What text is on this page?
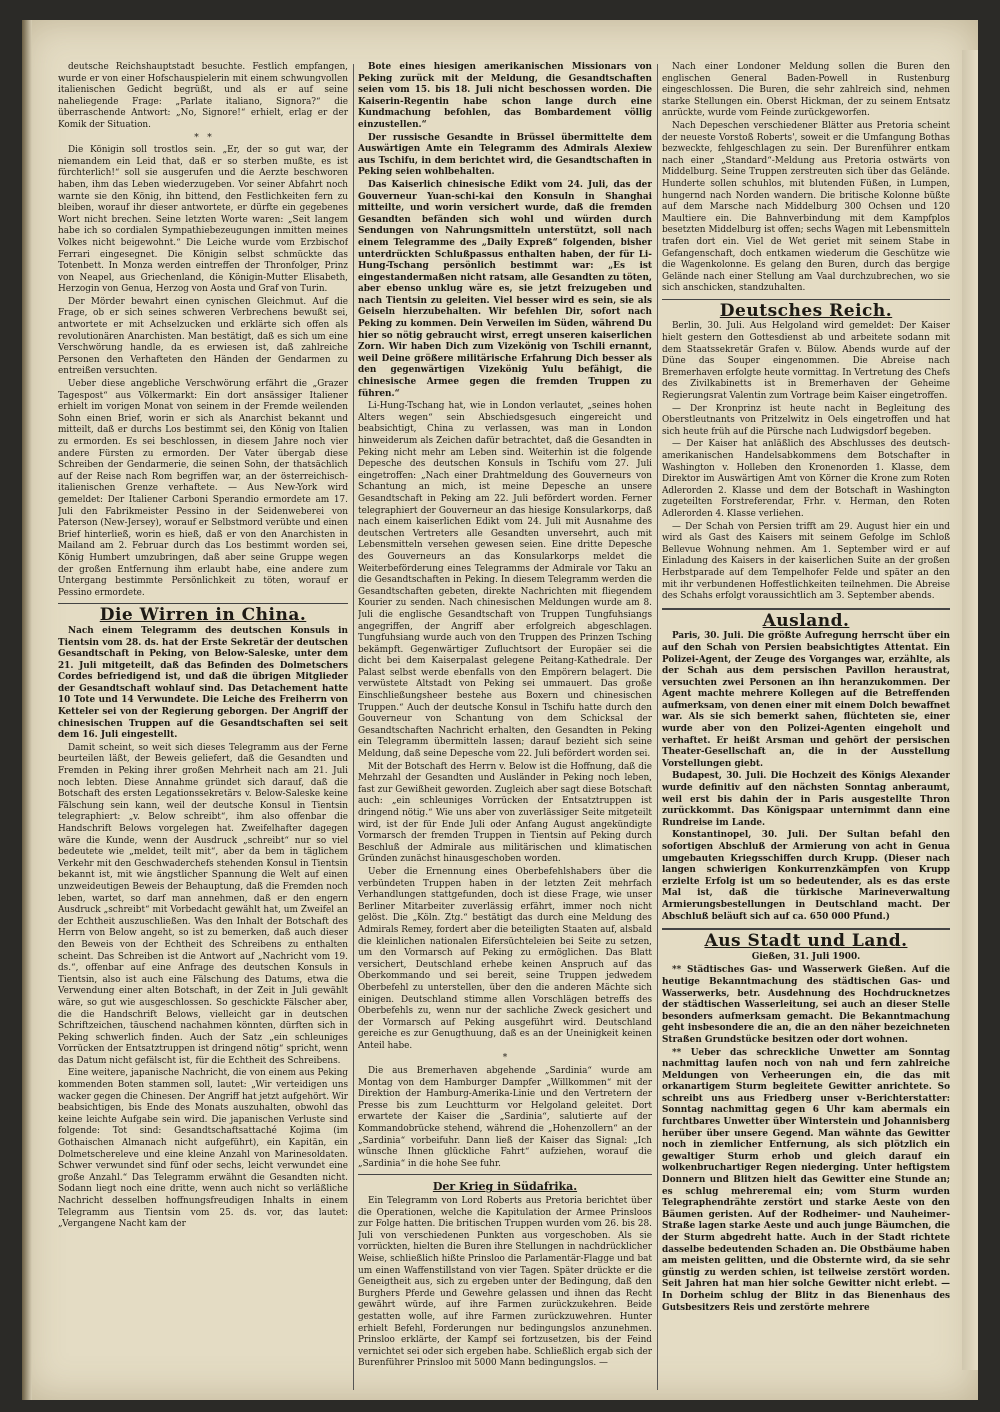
deutsche Reichshauptstadt besuchte. Festlich empfangen, wurde er von einer Hofschauspielerin mit einem schwungvollen italienischen Gedicht begrüßt, und als er auf seine naheliegende Frage: „Parlate italiano, Signora?“ die überraschende Antwort: „No, Signore!“ erhielt, erlag er der Komik der Situation.

*   *

Die Königin soll trostlos sein. „Er, der so gut war, der niemandem ein Leid that, daß er so sterben mußte, es ist fürchterlich!“ soll sie ausgerufen und die Aerzte beschworen haben, ihm das Leben wiederzugeben. Vor seiner Abfahrt noch warnte sie den König, ihn bittend, den Festlichkeiten fern zu bleiben, worauf ihr dieser antwortete, er dürfte ein gegebenes Wort nicht brechen. Seine letzten Worte waren: „Seit langem habe ich so cordialen Sympathiebezeugungen inmitten meines Volkes nicht beigewohnt.“ Die Leiche wurde vom Erzbischof Ferrari eingesegnet. Die Königin selbst schmückte das Totenbett. In Monza werden eintreffen der Thronfolger, Prinz von Neapel, aus Griechenland, die Königin-Mutter Elisabeth, Herzogin von Genua, Herzog von Aosta und Graf von Turin.

Der Mörder bewahrt einen cynischen Gleichmut. Auf die Frage, ob er sich seines schweren Verbrechens bewußt sei, antwortete er mit Achselzucken und erklärte sich offen als revolutionären Anarchisten. Man bestätigt, daß es sich um eine Verschwörung handle, da es erwiesen ist, daß zahlreiche Personen den Verhafteten den Händen der Gendarmen zu entreißen versuchten.

Ueber diese angebliche Verschwörung erfährt die „Grazer Tagespost“ aus Völkermarkt: Ein dort ansässiger Italiener erhielt im vorigen Monat von seinem in der Fremde weilenden Sohn einen Brief, worin er sich als Anarchist bekannt und mitteilt, daß er durchs Los bestimmt sei, den König von Italien zu ermorden. Es sei beschlossen, in diesem Jahre noch vier andere Fürsten zu ermorden. Der Vater übergab diese Schreiben der Gendarmerie, die seinen Sohn, der thatsächlich auf der Reise nach Rom begriffen war, an der österreichisch-italienischen Grenze verhaftete. — Aus New-York wird gemeldet: Der Italiener Carboni Sperandio ermordete am 17. Juli den Fabrikmeister Pessino in der Seidenweberei von Paterson (New-Jersey), worauf er Selbstmord verübte und einen Brief hinterließ, worin es hieß, daß er von den Anarchisten in Mailand am 2. Februar durch das Los bestimmt worden sei, König Humbert umzubringen, daß aber seine Gruppe wegen der großen Entfernung ihm erlaubt habe, eine andere zum Untergang bestimmte Persönlichkeit zu töten, worauf er Pessino ermordete.

Die Wirren in China.

Nach einem Telegramm des deutschen Konsuls in Tientsin vom 28. ds. hat der Erste Sekretär der deutschen Gesandtschaft in Peking, von Below-Saleske, unter dem 21. Juli mitgeteilt, daß das Befinden des Dolmetschers Cordes befriedigend ist, und daß die übrigen Mitglieder der Gesandtschaft wohlauf sind. Das Detachement hatte 10 Tote und 14 Verwundete. Die Leiche des Freiherrn von Ketteler sei von der Regierung geborgen. Der Angriff der chinesischen Truppen auf die Gesandtschaften sei seit dem 16. Juli eingestellt.

Damit scheint, so weit sich dieses Telegramm aus der Ferne beurteilen läßt, der Beweis geliefert, daß die Gesandten und Fremden in Peking ihrer großen Mehrheit nach am 21. Juli noch lebten. Diese Annahme gründet sich darauf, daß die Botschaft des ersten Legationssekretärs v. Below-Saleske keine Fälschung sein kann, weil der deutsche Konsul in Tientsin telegraphiert: „v. Below schreibt“, ihm also offenbar die Handschrift Belows vorgelegen hat. Zweifelhafter dagegen wäre die Kunde, wenn der Ausdruck „schreibt“ nur so viel bedeutete wie „meldet, teilt mit“, aber da bem in täglichem Verkehr mit den Geschwaderchefs stehenden Konsul in Tientsin bekannt ist, mit wie ängstlicher Spannung die Welt auf einen unzweideutigen Beweis der Behauptung, daß die Fremden noch leben, wartet, so darf man annehmen, daß er den engern Ausdruck „schreibt“ mit Vorbedacht gewählt hat, um Zweifel an der Echtheit auszuschließen. Was den Inhalt der Botschaft des Herrn von Below angeht, so ist zu bemerken, daß auch dieser den Beweis von der Echtheit des Schreibens zu enthalten scheint. Das Schreiben ist die Antwort auf „Nachricht vom 19. ds.“, offenbar auf eine Anfrage des deutschen Konsuls in Tientsin, also ist auch eine Fälschung des Datums, etwa die Verwendung einer alten Botschaft, in der Zeit in Juli gewählt wäre, so gut wie ausgeschlossen. So geschickte Fälscher aber, die die Handschrift Belows, vielleicht gar in deutschen Schriftzeichen, täuschend nachahmen könnten, dürften sich in Peking schwerlich finden. Auch der Satz „ein schleuniges Vorrücken der Entsatztruppen ist dringend nötig“ spricht, wenn das Datum nicht gefälscht ist, für die Echtheit des Schreibens.

Eine weitere, japanische Nachricht, die von einem aus Peking kommenden Boten stammen soll, lautet: „Wir verteidigen uns wacker gegen die Chinesen. Der Angriff hat jetzt aufgehört. Wir beabsichtigen, bis Ende des Monats auszuhalten, obwohl das keine leichte Aufgabe sein wird. Die japanischen Verluste sind folgende: Tot sind: Gesandtschaftsattaché Kojima (im Gothaischen Almanach nicht aufgeführt), ein Kapitän, ein Dolmetschereleve und eine kleine Anzahl von Marinesoldaten. Schwer verwundet sind fünf oder sechs, leicht verwundet eine große Anzahl.“ Das Telegramm erwähnt die Gesandten nicht. Sodann liegt noch eine dritte, wenn auch nicht so verläßliche Nachricht desselben hoffnungsfreudigen Inhalts in einem Telegramm aus Tientsin vom 25. ds. vor, das lautet: „Vergangene Nacht kam der

Bote eines hiesigen amerikanischen Missionars von Peking zurück mit der Meldung, die Gesandtschaften seien vom 15. bis 18. Juli nicht beschossen worden. Die Kaiserin-Regentin habe schon lange durch eine Kundmachung befohlen, das Bombardement völlig einzustellen.“

Der russische Gesandte in Brüssel übermittelte dem Auswärtigen Amte ein Telegramm des Admirals Alexiew aus Tschifu, in dem berichtet wird, die Gesandtschaften in Peking seien wohlbehalten.

Das Kaiserlich chinesische Edikt vom 24. Juli, das der Gouverneur Yuan-schi-kai den Konsuln in Shanghai mitteilte, und worin versichert wurde, daß die fremden Gesandten befänden sich wohl und würden durch Sendungen von Nahrungsmitteln unterstützt, soll nach einem Telegramme des „Daily Expreß“ folgenden, bisher unterdrückten Schlußpassus enthalten haben, der für Li-Hung-Tschang persönlich bestimmt war: „Es ist eingestandermaßen nicht ratsam, alle Gesandten zu töten, aber ebenso unklug wäre es, sie jetzt freizugeben und nach Tientsin zu geleiten. Viel besser wird es sein, sie als Geiseln hierzubehalten. Wir befehlen Dir, sofort nach Peking zu kommen. Dein Verweilen im Süden, während Du hier so nötig gebraucht wirst, erregt unseren kaiserlichen Zorn. Wir haben Dich zum Vizekönig von Tschili ernannt, weil Deine größere militärische Erfahrung Dich besser als den gegenwärtigen Vizekönig Yulu befähigt, die chinesische Armee gegen die fremden Truppen zu führen.“

Li-Hung-Tschang hat, wie in London verlautet, „seines hohen Alters wegen“ sein Abschiedsgesuch eingereicht und beabsichtigt, China zu verlassen, was man in London hinweiderum als Zeichen dafür betrachtet, daß die Gesandten in Peking nicht mehr am Leben sind. Weiterhin ist die folgende Depesche des deutschen Konsuls in Tschifu vom 27. Juli eingetroffen: „Nach einer Drahtmeldung des Gouverneurs von Schantung an mich, ist meine Depesche an unsere Gesandtschaft in Peking am 22. Juli befördert worden. Ferner telegraphiert der Gouverneur an das hiesige Konsularkorps, daß nach einem kaiserlichen Edikt vom 24. Juli mit Ausnahme des deutschen Vertreters alle Gesandten unversehrt, auch mit Lebensmitteln versehen gewesen seien. Eine dritte Depesche des Gouverneurs an das Konsularkorps meldet die Weiterbeförderung eines Telegramms der Admirale vor Taku an die Gesandtschaften in Peking. In diesem Telegramm werden die Gesandtschaften gebeten, direkte Nachrichten mit fliegendem Kourier zu senden. Nach chinesischen Meldungen wurde am 8. Juli die englische Gesandtschaft von Truppen Tungfuhsiangs angegriffen, der Angriff aber erfolgreich abgeschlagen. Tungfuhsiang wurde auch von den Truppen des Prinzen Tsching bekämpft. Gegenwärtiger Zufluchtsort der Europäer sei die dicht bei dem Kaiserpalast gelegene Peitang-Kathedrale. Der Palast selbst werde ebenfalls von den Empörern belagert. Die verwüstete Altstadt von Peking sei ummauert. Das große Einschließungsheer bestehe aus Boxern und chinesischen Truppen.“ Auch der deutsche Konsul in Tschifu hatte durch den Gouverneur von Schantung von dem Schicksal der Gesandtschaften Nachricht erhalten, den Gesandten in Peking ein Telegramm übermitteln lassen; darauf bezieht sich seine Meldung, daß seine Depesche vom 22. Juli befördert worden sei.

Mit der Botschaft des Herrn v. Below ist die Hoffnung, daß die Mehrzahl der Gesandten und Ausländer in Peking noch leben, fast zur Gewißheit geworden. Zugleich aber sagt diese Botschaft auch: „ein schleuniges Vorrücken der Entsatztruppen ist dringend nötig.“ Wie uns aber von zuverlässiger Seite mitgeteilt wird, ist der für Ende Juli oder Anfang August angekündigte Vormarsch der fremden Truppen in Tientsin auf Peking durch Beschluß der Admirale aus militärischen und klimatischen Gründen zunächst hinausgeschoben worden.

Ueber die Ernennung eines Oberbefehlshabers über die verbündeten Truppen haben in der letzten Zeit mehrfach Verhandlungen stattgefunden, doch ist diese Frage, wie unser Berliner Mitarbeiter zuverlässig erfährt, immer noch nicht gelöst. Die „Köln. Ztg.“ bestätigt das durch eine Meldung des Admirals Remey, fordert aber die beteiligten Staaten auf, alsbald die kleinlichen nationalen Eifersüchteleien bei Seite zu setzen, um den Vormarsch auf Peking zu ermöglichen. Das Blatt versichert, Deutschland erhebe keinen Anspruch auf das Oberkommando und sei bereit, seine Truppen jedwedem Oberbefehl zu unterstellen, über den die anderen Mächte sich einigen. Deutschland stimme allen Vorschlägen betreffs des Oberbefehls zu, wenn nur der sachliche Zweck gesichert und der Vormarsch auf Peking ausgeführt wird. Deutschland gereiche es zur Genugthuung, daß es an der Uneinigkeit keinen Anteil habe.

*

Die aus Bremerhaven abgehende „Sardinia“ wurde am Montag von dem Hamburger Dampfer „Willkommen“ mit der Direktion der Hamburg-Amerika-Linie und den Vertretern der Presse bis zum Leuchtturm vor Helgoland geleitet. Dort erwartete der Kaiser die „Sardinia“, salutierte auf der Kommandobrücke stehend, während die „Hohenzollern“ an der „Sardinia“ vorbeifuhr. Dann ließ der Kaiser das Signal: „Ich wünsche Ihnen glückliche Fahrt“ aufziehen, worauf die „Sardinia“ in die hohe See fuhr.

Der Krieg in Südafrika.

Ein Telegramm von Lord Roberts aus Pretoria berichtet über die Operationen, welche die Kapitulation der Armee Prinsloos zur Folge hatten. Die britischen Truppen wurden vom 26. bis 28. Juli von verschiedenen Punkten aus vorgeschoben. Als sie vorrückten, hielten die Buren ihre Stellungen in nachdrücklicher Weise, schließlich hißte Prinsloo die Parlamentär-Flagge und bat um einen Waffenstillstand von vier Tagen. Später drückte er die Geneigtheit aus, sich zu ergeben unter der Bedingung, daß den Burghers Pferde und Gewehre gelassen und ihnen das Recht gewährt würde, auf ihre Farmen zurückzukehren. Beide gestatten wolle, auf ihre Farmen zurückzuwehren. Hunter erhielt Befehl, Forderungen nur bedingungslos anzunehmen. Prinsloo erklärte, der Kampf sei fortzusetzen, bis der Feind vernichtet sei oder sich ergeben habe. Schließlich ergab sich der Burenführer Prinsloo mit 5000 Mann bedingungslos. —

Nach einer Londoner Meldung sollen die Buren den englischen General Baden-Powell in Rustenburg eingeschlossen. Die Buren, die sehr zahlreich sind, nehmen starke Stellungen ein. Oberst Hickman, der zu seinem Entsatz anrückte, wurde vom Feinde zurückgeworfen.

Nach Depeschen verschiedener Blätter aus Pretoria scheint der neueste Vorstoß Roberts', soweit er die Umfangung Bothas bezweckte, fehlgeschlagen zu sein. Der Burenführer entkam nach einer „Standard“-Meldung aus Pretoria ostwärts von Middelburg. Seine Truppen zerstreuten sich über das Gelände. Hunderte sollen schuhlos, mit blutenden Füßen, in Lumpen, hungernd nach Norden wandern. Die britische Kolonne büßte auf dem Marsche nach Middelburg 300 Ochsen und 120 Maultiere ein. Die Bahnverbindung mit dem Kampfplos besetzten Middelburg ist offen; sechs Wagen mit Lebensmitteln trafen dort ein. Viel de Wet geriet mit seinem Stabe in Gefangenschaft, doch entkamen wiederum die Geschütze wie die Wagenkolonne. Es gelang den Buren, durch das bergige Gelände nach einer Stellung am Vaal durchzubrechen, wo sie sich anschicken, standzuhalten.

Deutsches Reich.

Berlin, 30. Juli. Aus Helgoland wird gemeldet: Der Kaiser hielt gestern den Gottesdienst ab und arbeitete sodann mit dem Staatssekretär Grafen v. Bülow. Abends wurde auf der Düne das Souper eingenommen. Die Abreise nach Bremerhaven erfolgte heute vormittag. In Vertretung des Chefs des Zivilkabinetts ist in Bremerhaven der Geheime Regierungsrat Valentin zum Vortrage beim Kaiser eingetroffen.

— Der Kronprinz ist heute nacht in Begleitung des Oberstleutnants von Pritzelwitz in Oels eingetroffen und hat sich heute früh auf die Pürsche nach Ludwigsdorf begeben.

— Der Kaiser hat anläßlich des Abschlusses des deutsch-amerikanischen Handelsabkommens dem Botschafter in Washington v. Holleben den Kronenorden 1. Klasse, dem Direktor im Auswärtigen Amt von Körner die Krone zum Roten Adlerorden 2. Klasse und dem der Botschaft in Washington zugeteilten Forstreferendar, Frhr. v. Herman, den Roten Adlerorden 4. Klasse verliehen.

— Der Schah von Persien trifft am 29. August hier ein und wird als Gast des Kaisers mit seinem Gefolge im Schloß Bellevue Wohnung nehmen. Am 1. September wird er auf Einladung des Kaisers in der kaiserlichen Suite an der großen Herbstparade auf dem Tempelhofer Felde und später an den mit ihr verbundenen Hoffestlichkeiten teilnehmen. Die Abreise des Schahs erfolgt voraussichtlich am 3. September abends.

Ausland.

Paris, 30. Juli. Die größte Aufregung herrscht über ein auf den Schah von Persien beabsichtigtes Attentat. Ein Polizei-Agent, der Zeuge des Vorganges war, erzählte, als der Schah aus dem persischen Pavillon heraustrat, versuchten zwei Personen an ihn heranzukommen. Der Agent machte mehrere Kollegen auf die Betreffenden aufmerksam, von denen einer mit einem Dolch bewaffnet war. Als sie sich bemerkt sahen, flüchteten sie, einer wurde aber von den Polizei-Agenten eingeholt und verhaftet. Er heißt Arsman und gehört der persischen Theater-Gesellschaft an, die in der Ausstellung Vorstellungen giebt.

Budapest, 30. Juli. Die Hochzeit des Königs Alexander wurde definitiv auf den nächsten Sonntag anberaumt, weil erst bis dahin der in Paris ausgestellte Thron zurückkommt. Das Königspaar unternimmt dann eine Rundreise im Lande.

Konstantinopel, 30. Juli. Der Sultan befahl den sofortigen Abschluß der Armierung von acht in Genua umgebauten Kriegsschiffen durch Krupp. (Dieser nach langen schwierigen Konkurrenzkämpfen von Krupp erzielte Erfolg ist um so bedeutender, als es das erste Mal ist, daß die türkische Marineverwaltung Armierungsbestellungen in Deutschland macht. Der Abschluß beläuft sich auf ca. 650 000 Pfund.)

Aus Stadt und Land.

Gießen, 31. Juli 1900.

** Städtisches Gas- und Wasserwerk Gießen. Auf die heutige Bekanntmachung des städtischen Gas- und Wasserwerks, betr. Ausdehnung des Hochdrucknetzes der städtischen Wasserleitung, sei auch an dieser Stelle besonders aufmerksam gemacht. Die Bekanntmachung geht insbesondere die an, die an den näher bezeichneten Straßen Grundstücke besitzen oder dort wohnen.

** Ueber das schreckliche Unwetter am Sonntag nachmittag laufen noch von nah und fern zahlreiche Meldungen von Verheerungen ein, die das mit orkanartigem Sturm begleitete Gewitter anrichtete. So schreibt uns aus Friedberg unser v-Berichterstatter: Sonntag nachmittag gegen 6 Uhr kam abermals ein furchtbares Unwetter über Winterstein und Johannisberg herüber über unsere Gegend. Man wähnte das Gewitter noch in ziemlicher Entfernung, als sich plötzlich ein gewaltiger Sturm erhob und gleich darauf ein wolkenbruchartiger Regen niederging. Unter heftigstem Donnern und Blitzen hielt das Gewitter eine Stunde an; es schlug mehreremal ein; vom Sturm wurden Telegraphendrähte zerstört und starke Aeste von den Bäumen geristen. Auf der Rodheimer- und Nauheimer-Straße lagen starke Aeste und auch junge Bäumchen, die der Sturm abgedreht hatte. Auch in der Stadt richtete dasselbe bedeutenden Schaden an. Die Obstbäume haben am meisten gelitten, und die Obsternte wird, da sie sehr günstig zu werden schien, ist teilweise zerstört worden. Seit Jahren hat man hier solche Gewitter nicht erlebt. — In Dorheim schlug der Blitz in das Bienenhaus des Gutsbesitzers Reis und zerstörte mehrere
